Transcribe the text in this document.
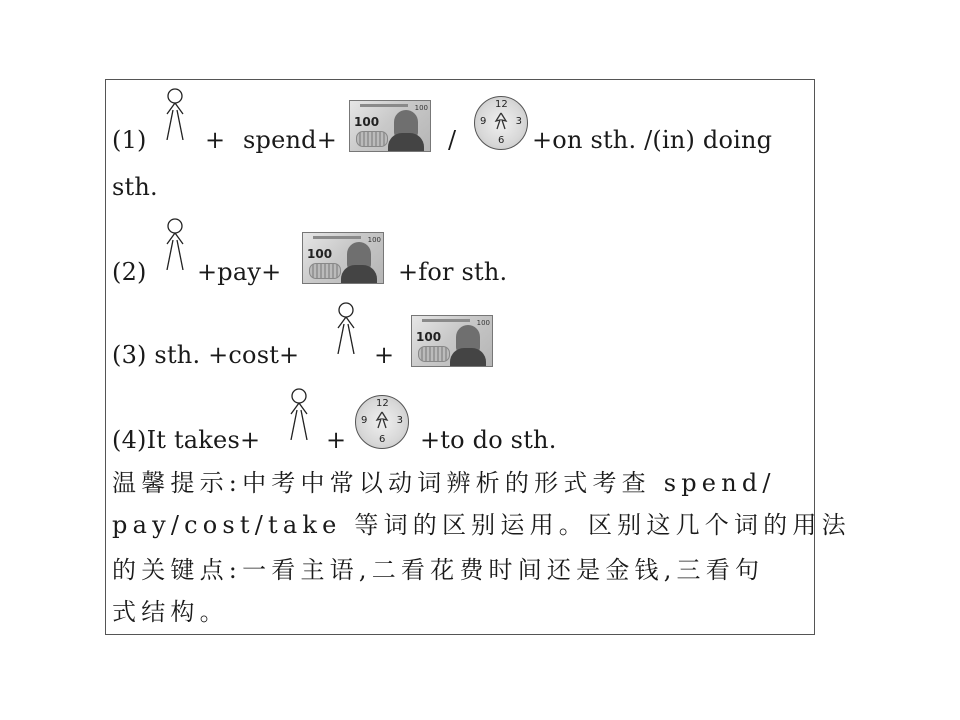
(1) + spend+
100
100
/
12
3
6
9
+on sth. /(in) doing
sth.
(2) +pay+
100
100
+for sth.
(3) sth. +cost+	+
100
100
(4)It takes+	+
12
3
6
9
+to do sth.
温馨提示:中考中常以动词辨析的形式考查 spend/
pay/cost/take 等词的区别运用。区别这几个词的用法
的关键点:一看主语,二看花费时间还是金钱,三看句
式结构。
